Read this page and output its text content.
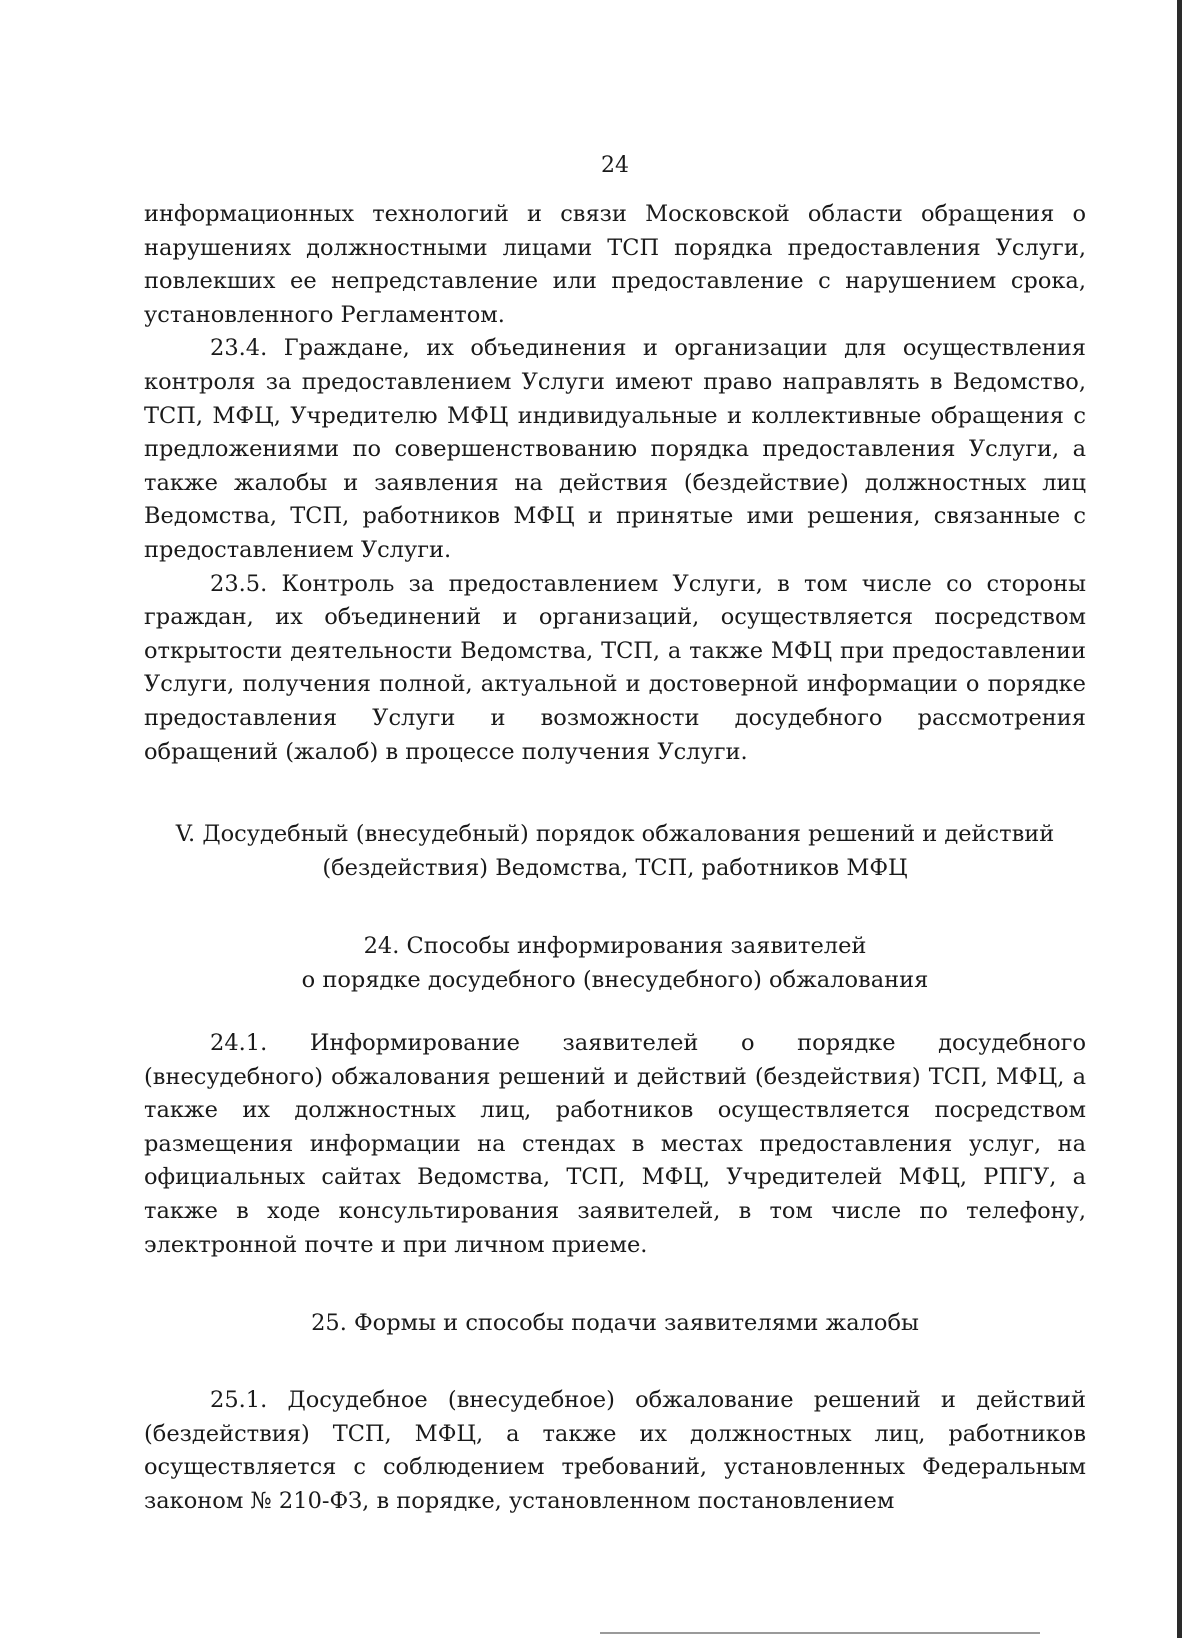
24

информационных технологий и связи Московской области обращения о нарушениях должностными лицами ТСП порядка предоставления Услуги, повлекших ее непредставление или предоставление с нарушением срока, установленного Регламентом.

23.4. Граждане, их объединения и организации для осуществления контроля за предоставлением Услуги имеют право направлять в Ведомство, ТСП, МФЦ, Учредителю МФЦ индивидуальные и коллективные обращения с предложениями по совершенствованию порядка предоставления Услуги, а также жалобы и заявления на действия (бездействие) должностных лиц Ведомства, ТСП, работников МФЦ и принятые ими решения, связанные с предоставлением Услуги.

23.5. Контроль за предоставлением Услуги, в том числе со стороны граждан, их объединений и организаций, осуществляется посредством открытости деятельности Ведомства, ТСП, а также МФЦ при предоставлении Услуги, получения полной, актуальной и достоверной информации о порядке предоставления Услуги и возможности досудебного рассмотрения обращений (жалоб) в процессе получения Услуги.

V. Досудебный (внесудебный) порядок обжалования решений и действий

(бездействия) Ведомства, ТСП, работников МФЦ

24. Способы информирования заявителей

о порядке досудебного (внесудебного) обжалования

24.1. Информирование заявителей о порядке досудебного (внесудебного) обжалования решений и действий (бездействия) ТСП, МФЦ, а также их должностных лиц, работников осуществляется посредством размещения информации на стендах в местах предоставления услуг, на официальных сайтах Ведомства, ТСП, МФЦ, Учредителей МФЦ, РПГУ, а также в ходе консультирования заявителей, в том числе по телефону, электронной почте и при личном приеме.

25. Формы и способы подачи заявителями жалобы

25.1. Досудебное (внесудебное) обжалование решений и действий (бездействия) ТСП, МФЦ, а также их должностных лиц, работников осуществляется с соблюдением требований, установленных Федеральным законом № 210-ФЗ, в порядке, установленном постановлением
